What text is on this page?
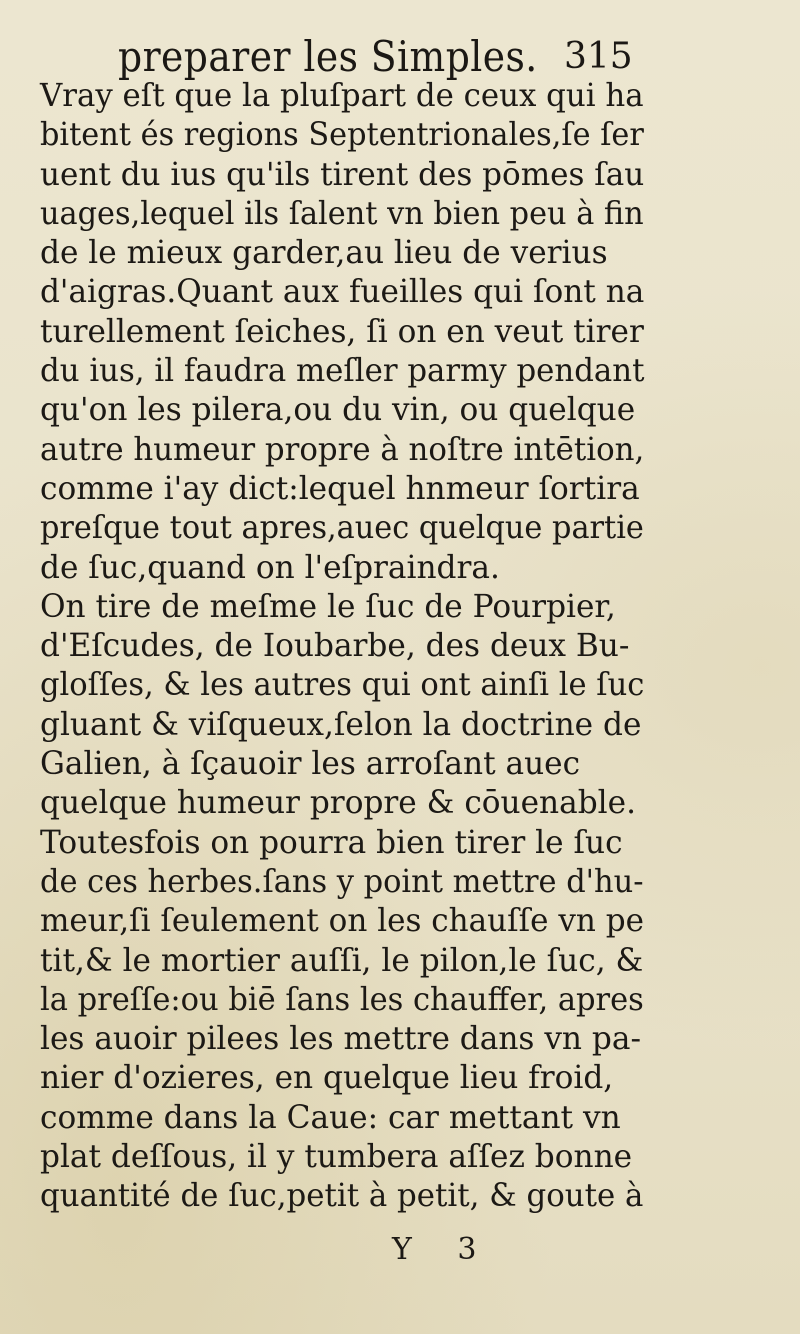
preparer les Simples. 315
Vray eſt que la pluſpart de ceux qui ha
bitent és regions Septentrionales,ſe ſer
uent du ius qu'ils tirent des pōmes ſau
uages,lequel ils ſalent vn bien peu à fin
de le mieux garder,au lieu de verius
d'aigras.Quant aux fueilles qui ſont na
turellement ſeiches, ſi on en veut tirer
du ius, il faudra meſler parmy pendant
qu'on les pilera,ou du vin, ou quelque
autre humeur propre à noſtre intētion,
comme i'ay dict:lequel hnmeur ſortira
preſque tout apres,auec quelque partie
de ſuc,quand on l'eſpraindra.
On tire de meſme le ſuc de Pourpier,
d'Eſcudes, de Ioubarbe, des deux Bu-
gloſſes, & les autres qui ont ainſi le ſuc
gluant & viſqueux,ſelon la doctrine de
Galien, à ſçauoir les arroſant auec
quelque humeur propre & cōuenable.
Toutesfois on pourra bien tirer le ſuc
de ces herbes.ſans y point mettre d'hu-
meur,ſi ſeulement on les chauſſe vn pe
tit,& le mortier auſſi, le pilon,le ſuc, &
la preſſe:ou biē ſans les chauffer, apres
les auoir pilees les mettre dans vn pa-
nier d'ozieres, en quelque lieu froid,
comme dans la Caue: car mettant vn
plat deſſous, il y tumbera aſſez bonne
quantité de ſuc,petit à petit, & goute à
Y 3
